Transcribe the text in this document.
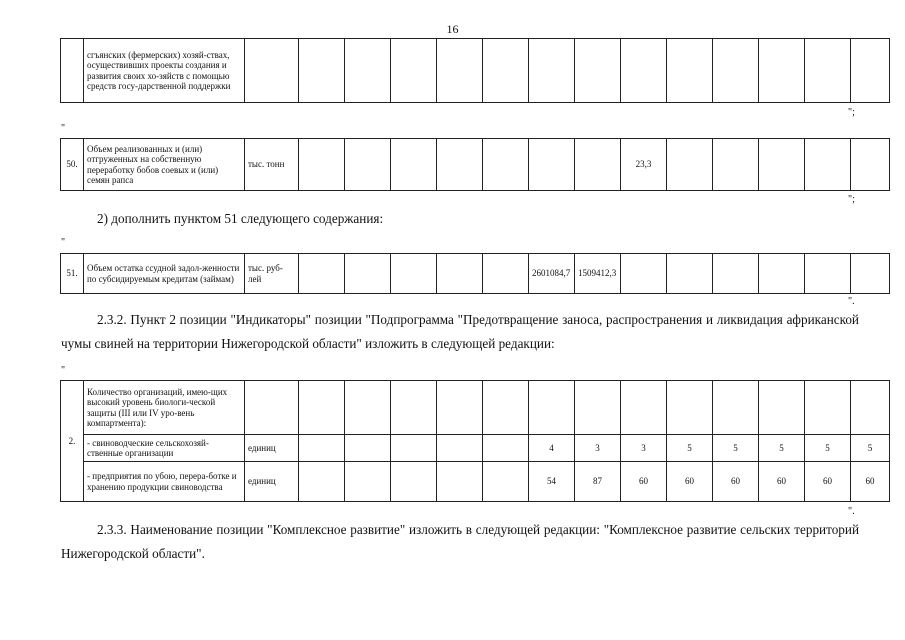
16
	сгъянских (фермерских) хозяй-ствах, осуществивших проекты создания и развития своих хо-зяйств с помощью средств госу-дарственной поддержки														
";
"
50.	Объем реализованных и (или) отгруженных на собственную переработку бобов соевых и (или) семян рапса	тыс. тонн								23,3					
";
2) дополнить пунктом 51 следующего содержания:
"
51.	Объем остатка ссудной задол-женности по субсидируемым кредитам (займам)	тыс. руб-лей						2601084,7	1509412,3						
".
2.3.2. Пункт 2 позиции "Индикаторы" позиции "Подпрограмма "Предотвращение заноса, распространения и ликвидация африканской чумы свиней на территории Нижегородской области" изложить в следующей редакции:
"
2.	Количество организаций, имею-щих высокий уровень биологи-ческой защиты (III или IV уро-вень компартмента):														
	- свиноводческие сельскохозяй-ственные организации	единиц						4	3	3	5	5	5	5	5
	- предприятия по убою, перера-ботке и хранению продукции свиноводства	единиц						54	87	60	60	60	60	60	60
".
2.3.3. Наименование позиции "Комплексное развитие" изложить в следующей редакции: "Комплексное развитие сельских территорий Нижегородской области".
